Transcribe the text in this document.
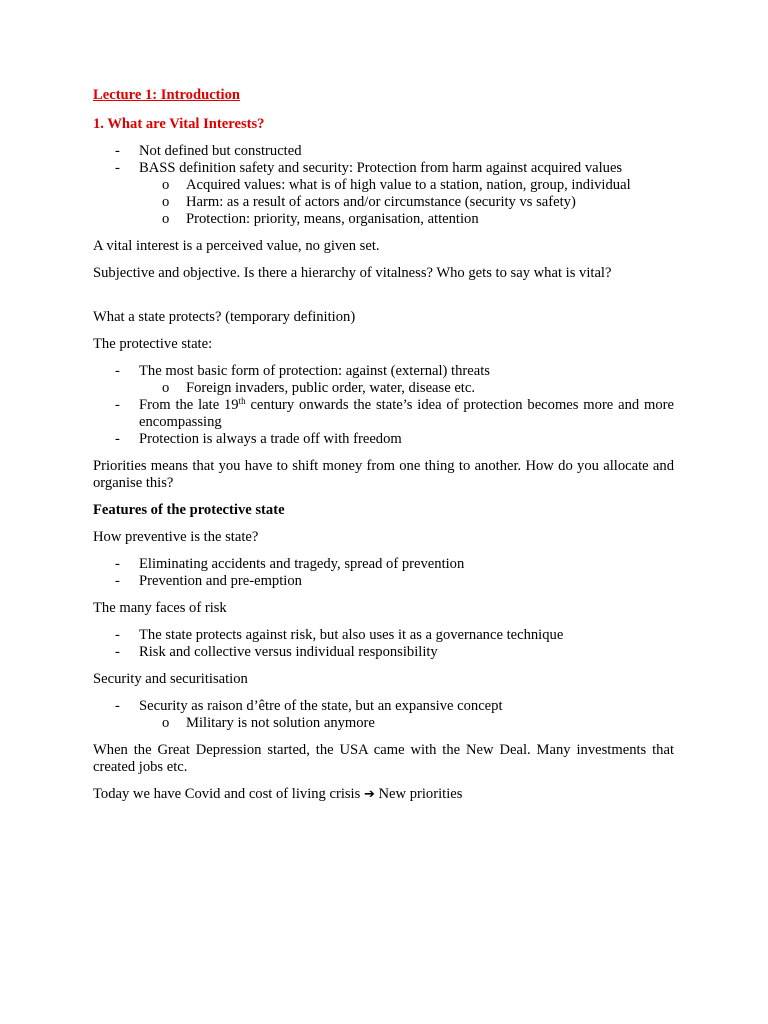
Lecture 1: Introduction
1. What are Vital Interests?
- Not defined but constructed
- BASS definition safety and security: Protection from harm against acquired values
o Acquired values: what is of high value to a station, nation, group, individual
o Harm: as a result of actors and/or circumstance (security vs safety)
o Protection: priority, means, organisation, attention
A vital interest is a perceived value, no given set.
Subjective and objective. Is there a hierarchy of vitalness? Who gets to say what is vital?
What a state protects? (temporary definition)
The protective state:
- The most basic form of protection: against (external) threats
o Foreign invaders, public order, water, disease etc.
- From the late 19th century onwards the state’s idea of protection becomes more and more encompassing
- Protection is always a trade off with freedom
Priorities means that you have to shift money from one thing to another. How do you allocate and organise this?
Features of the protective state
How preventive is the state?
- Eliminating accidents and tragedy, spread of prevention
- Prevention and pre-emption
The many faces of risk
- The state protects against risk, but also uses it as a governance technique
- Risk and collective versus individual responsibility
Security and securitisation
- Security as raison d’être of the state, but an expansive concept
o Military is not solution anymore
When the Great Depression started, the USA came with the New Deal. Many investments that created jobs etc.
Today we have Covid and cost of living crisis ➔ New priorities
